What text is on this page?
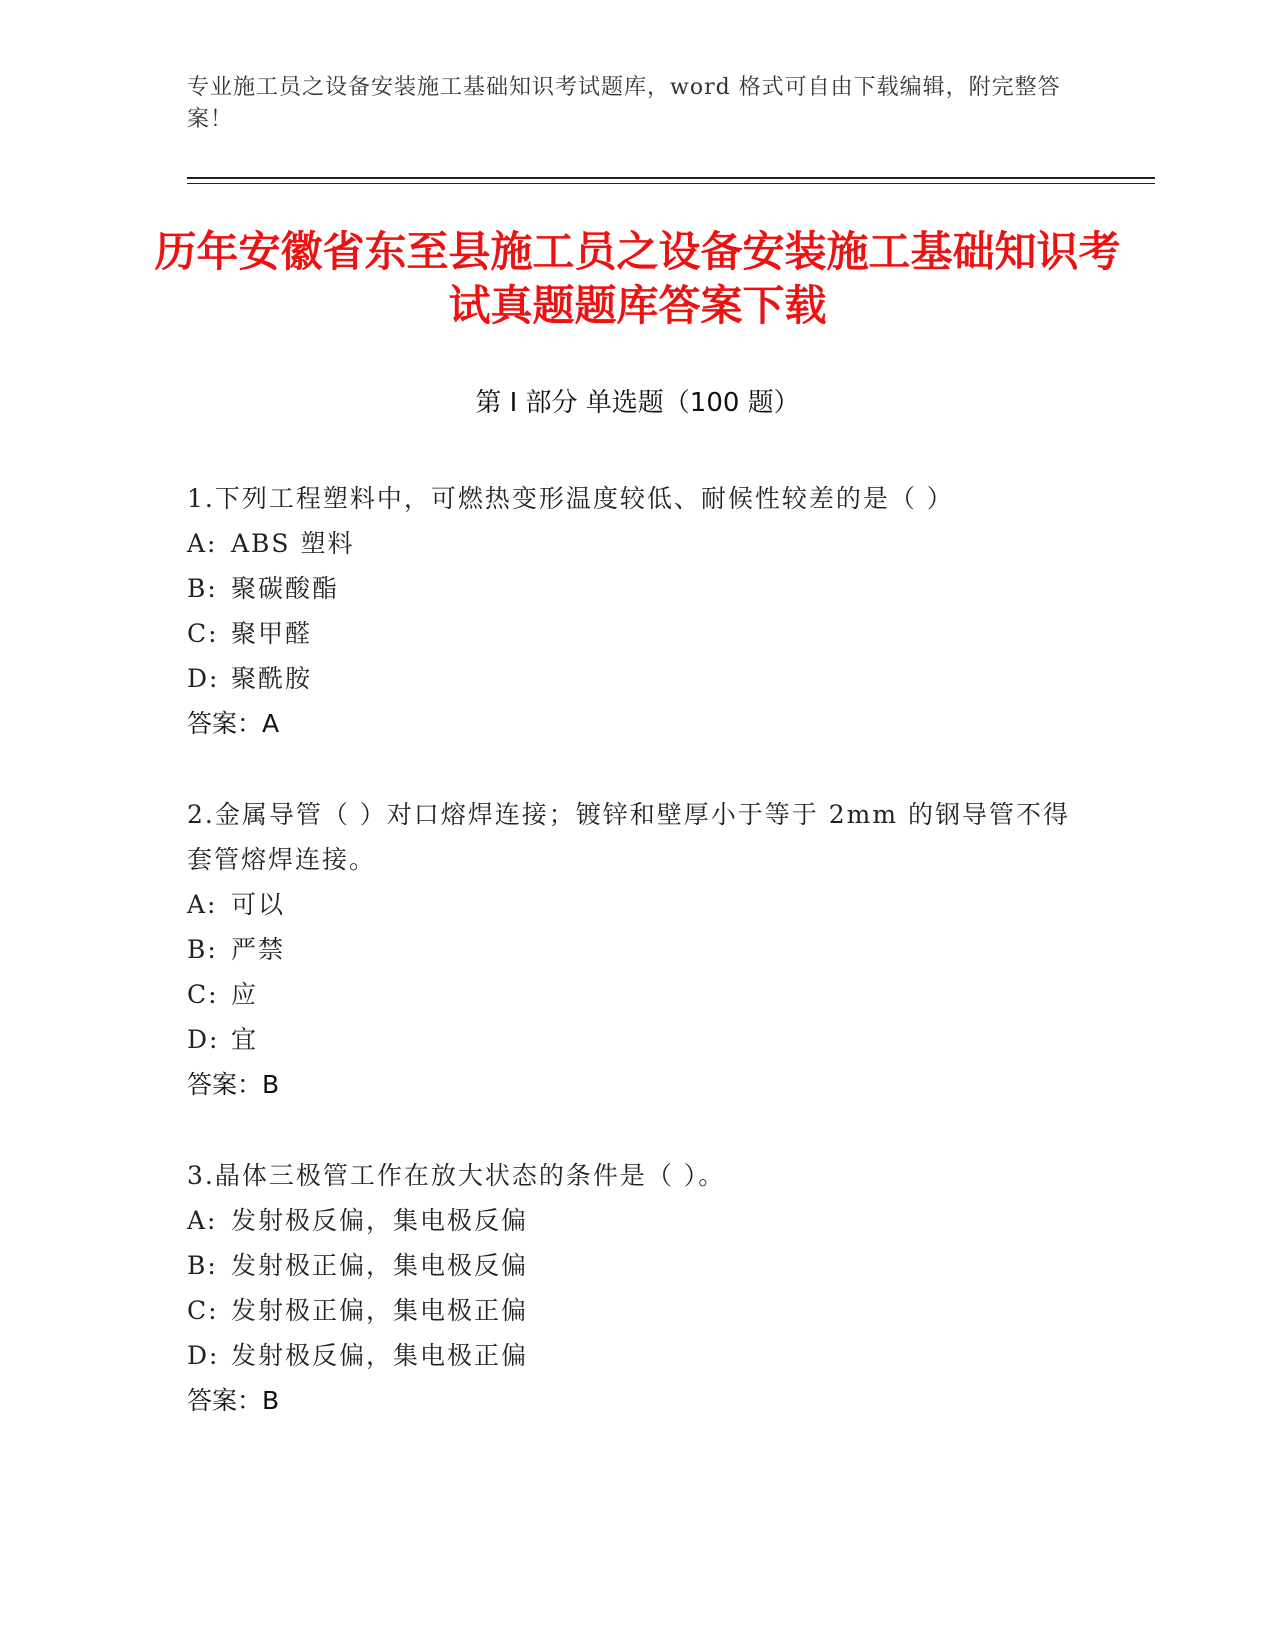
专业施工员之设备安装施工基础知识考试题库，word 格式可自由下载编辑，附完整答案！
历年安徽省东至县施工员之设备安装施工基础知识考试真题题库答案下载
第 I 部分 单选题（100 题）

1.下列工程塑料中，可燃热变形温度较低、耐候性较差的是（ ）

A: ABS 塑料

B: 聚碳酸酯

C: 聚甲醛

D: 聚酰胺

答案：A

2.金属导管（ ）对口熔焊连接；镀锌和壁厚小于等于 2mm 的钢导管不得套管熔焊连接。

A: 可以

B: 严禁

C: 应

D: 宜

答案：B

3.晶体三极管工作在放大状态的条件是（ ）。

A: 发射极反偏，集电极反偏

B: 发射极正偏，集电极反偏

C: 发射极正偏，集电极正偏

D: 发射极反偏，集电极正偏

答案：B
